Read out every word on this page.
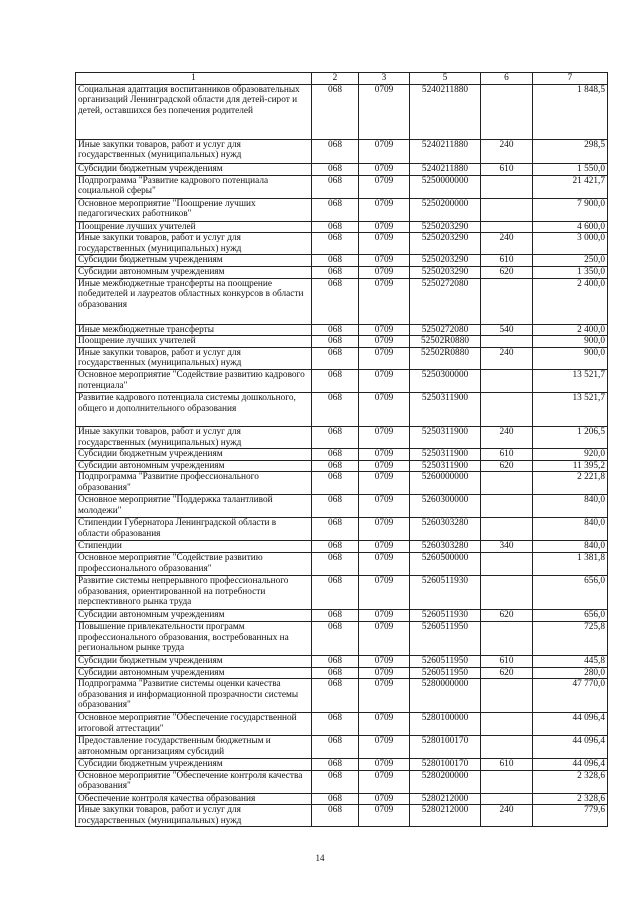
1	2	3	5	6	7
Социальная адаптация воспитанников образовательных организаций Ленинградской области для детей-сирот и детей, оставшихся без попечения родителей	068	0709	5240211880		1 848,5
Иные закупки товаров, работ и услуг для государственных (муниципальных) нужд	068	0709	5240211880	240	298,5
Субсидии бюджетным учреждениям	068	0709	5240211880	610	1 550,0
Подпрограмма "Развитие кадрового потенциала социальной сферы"	068	0709	5250000000		21 421,7
Основное мероприятие "Поощрение лучших педагогических работников"	068	0709	5250200000		7 900,0
Поощрение лучших учителей	068	0709	5250203290		4 600,0
Иные закупки товаров, работ и услуг для государственных (муниципальных) нужд	068	0709	5250203290	240	3 000,0
Субсидии бюджетным учреждениям	068	0709	5250203290	610	250,0
Субсидии автономным учреждениям	068	0709	5250203290	620	1 350,0
Иные межбюджетные трансферты на поощрение победителей и лауреатов областных конкурсов в области образования	068	0709	5250272080		2 400,0
Иные межбюджетные трансферты	068	0709	5250272080	540	2 400,0
Поощрение лучших учителей	068	0709	52502R0880		900,0
Иные закупки товаров, работ и услуг для государственных (муниципальных) нужд	068	0709	52502R0880	240	900,0
Основное мероприятие "Содействие развитию кадрового потенциала"	068	0709	5250300000		13 521,7
Развитие кадрового потенциала системы дошкольного, общего и дополнительного образования	068	0709	5250311900		13 521,7
Иные закупки товаров, работ и услуг для государственных (муниципальных) нужд	068	0709	5250311900	240	1 206,5
Субсидии бюджетным учреждениям	068	0709	5250311900	610	920,0
Субсидии автономным учреждениям	068	0709	5250311900	620	11 395,2
Подпрограмма "Развитие профессионального образования"	068	0709	5260000000		2 221,8
Основное мероприятие "Поддержка талантливой молодежи"	068	0709	5260300000		840,0
Стипендии Губернатора Ленинградской области в области образования	068	0709	5260303280		840,0
Стипендии	068	0709	5260303280	340	840,0
Основное мероприятие "Содействие развитию профессионального образования"	068	0709	5260500000		1 381,8
Развитие системы непрерывного профессионального образования, ориентированной на потребности перспективного рынка труда	068	0709	5260511930		656,0
Субсидии автономным учреждениям	068	0709	5260511930	620	656,0
Повышение привлекательности программ профессионального образования, востребованных на региональном рынке труда	068	0709	5260511950		725,8
Субсидии бюджетным учреждениям	068	0709	5260511950	610	445,8
Субсидии автономным учреждениям	068	0709	5260511950	620	280,0
Подпрограмма "Развитие системы оценки качества образования и информационной прозрачности системы образования"	068	0709	5280000000		47 770,0
Основное мероприятие "Обеспечение государственной итоговой аттестации"	068	0709	5280100000		44 096,4
Предоставление государственным бюджетным и автономным организациям субсидий	068	0709	5280100170		44 096,4
Субсидии бюджетным учреждениям	068	0709	5280100170	610	44 096,4
Основное мероприятие "Обеспечение контроля качества образования"	068	0709	5280200000		2 328,6
Обеспечение контроля качества образования	068	0709	5280212000		2 328,6
Иные закупки товаров, работ и услуг для государственных (муниципальных) нужд	068	0709	5280212000	240	779,6
14
